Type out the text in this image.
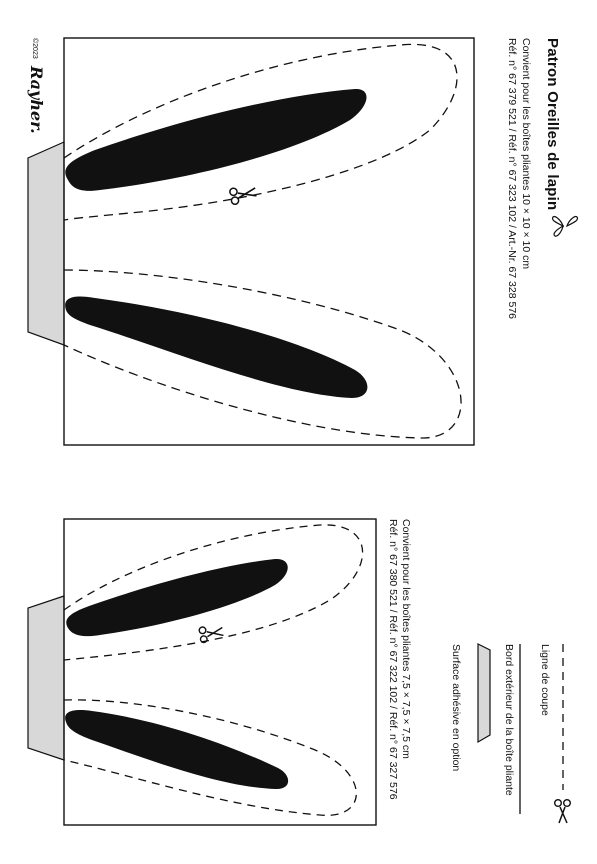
Patron Oreilles de lapin
Convient pour les boîtes pliantes 10 × 10 × 10 cm
Réf. n° 67 379 521 / Réf. n° 67 323 102 / Art.-Nr. 67 328 576
Convient pour les boîtes pliantes 7,5 × 7,5 × 7,5 cm
Réf. n° 67 380 521 / Réf. n° 67 322 102 / Réf. n° 67 327 576	Ligne de coupe
Bord extérieur de la boîte pliante
Surface adhésive en option
Rayher.
©2023
